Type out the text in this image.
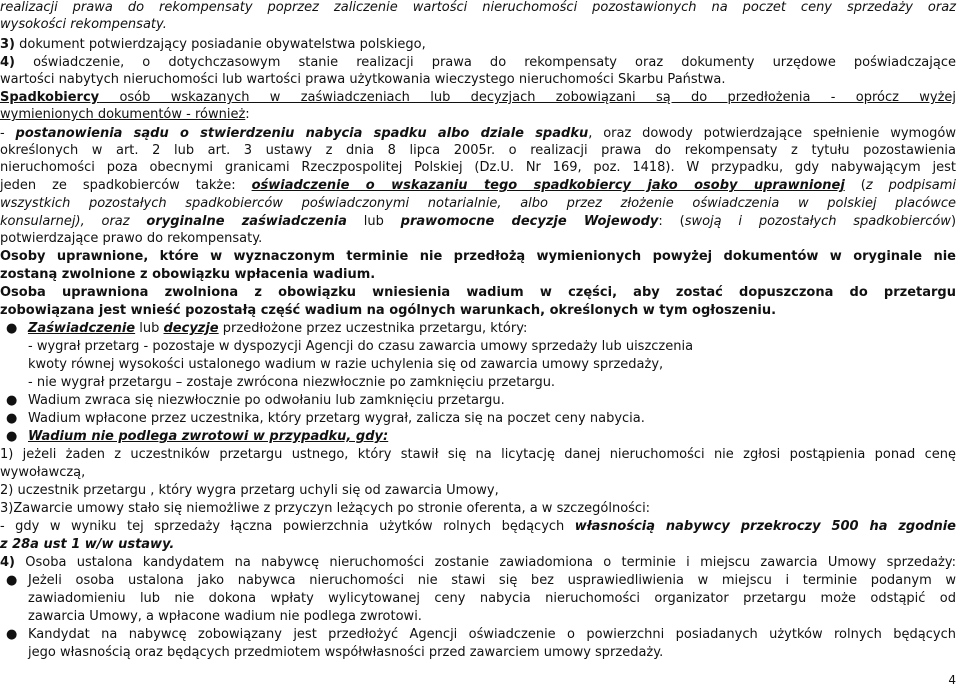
realizacji prawa do rekompensaty poprzez zaliczenie wartości nieruchomości pozostawionych na poczet ceny sprzedaży oraz
wysokości rekompensaty.
3) dokument potwierdzający posiadanie obywatelstwa polskiego,
4) oświadczenie, o dotychczasowym stanie realizacji prawa do rekompensaty oraz dokumenty urzędowe poświadczające
wartości nabytych nieruchomości lub wartości prawa użytkowania wieczystego nieruchomości Skarbu Państwa.
Spadkobiercy osób wskazanych w zaświadczeniach lub decyzjach zobowiązani są do przedłożenia - oprócz wyżej
wymienionych dokumentów - również:
- postanowienia sądu o stwierdzeniu nabycia spadku albo dziale spadku, oraz dowody potwierdzające spełnienie wymogów
określonych w art. 2 lub art. 3 ustawy z dnia 8 lipca 2005r. o realizacji prawa do rekompensaty z tytułu pozostawienia
nieruchomości poza obecnymi granicami Rzeczpospolitej Polskiej (Dz.U. Nr 169, poz. 1418). W przypadku, gdy nabywającym jest
jeden ze spadkobierców także: oświadczenie o wskazaniu tego spadkobiercy jako osoby uprawnionej (z podpisami
wszystkich pozostałych spadkobierców poświadczonymi notarialnie, albo przez złożenie oświadczenia w polskiej placówce
konsularnej), oraz oryginalne zaświadczenia lub prawomocne decyzje Wojewody: (swoją i pozostałych spadkobierców)
potwierdzające prawo do rekompensaty.
Osoby uprawnione, które w wyznaczonym terminie nie przedłożą wymienionych powyżej dokumentów w oryginale nie
zostaną zwolnione z obowiązku wpłacenia wadium.
Osoba uprawniona zwolniona z obowiązku wniesienia wadium w części, aby zostać dopuszczona do przetargu
zobowiązana jest wnieść pozostałą część wadium na ogólnych warunkach, określonych w tym ogłoszeniu.
● Zaświadczenie lub decyzje przedłożone przez uczestnika przetargu, który:
- wygrał przetarg - pozostaje w dyspozycji Agencji do czasu zawarcia umowy sprzedaży lub uiszczenia
kwoty równej wysokości ustalonego wadium w razie uchylenia się od zawarcia umowy sprzedaży,
- nie wygrał przetargu – zostaje zwrócona niezwłocznie po zamknięciu przetargu.
● Wadium zwraca się niezwłocznie po odwołaniu lub zamknięciu przetargu.
● Wadium wpłacone przez uczestnika, który przetarg wygrał, zalicza się na poczet ceny nabycia.
● Wadium nie podlega zwrotowi w przypadku, gdy:
1) jeżeli żaden z uczestników przetargu ustnego, który stawił się na licytację danej nieruchomości nie zgłosi postąpienia ponad cenę
wywoławczą,
2) uczestnik przetargu , który wygra przetarg uchyli się od zawarcia Umowy,
3)Zawarcie umowy stało się niemożliwe z przyczyn leżących po stronie oferenta, a w szczególności:
- gdy w wyniku tej sprzedaży łączna powierzchnia użytków rolnych będących własnością nabywcy przekroczy 500 ha zgodnie
z 28a ust 1 w/w ustawy.
4) Osoba ustalona kandydatem na nabywcę nieruchomości zostanie zawiadomiona o terminie i miejscu zawarcia Umowy sprzedaży:
● Jeżeli osoba ustalona jako nabywca nieruchomości nie stawi się bez usprawiedliwienia w miejscu i terminie podanym w
zawiadomieniu lub nie dokona wpłaty wylicytowanej ceny nabycia nieruchomości organizator przetargu może odstąpić od
zawarcia Umowy, a wpłacone wadium nie podlega zwrotowi.
● Kandydat na nabywcę zobowiązany jest przedłożyć Agencji oświadczenie o powierzchni posiadanych użytków rolnych będących
jego własnością oraz będących przedmiotem współwłasności przed zawarciem umowy sprzedaży.
4
